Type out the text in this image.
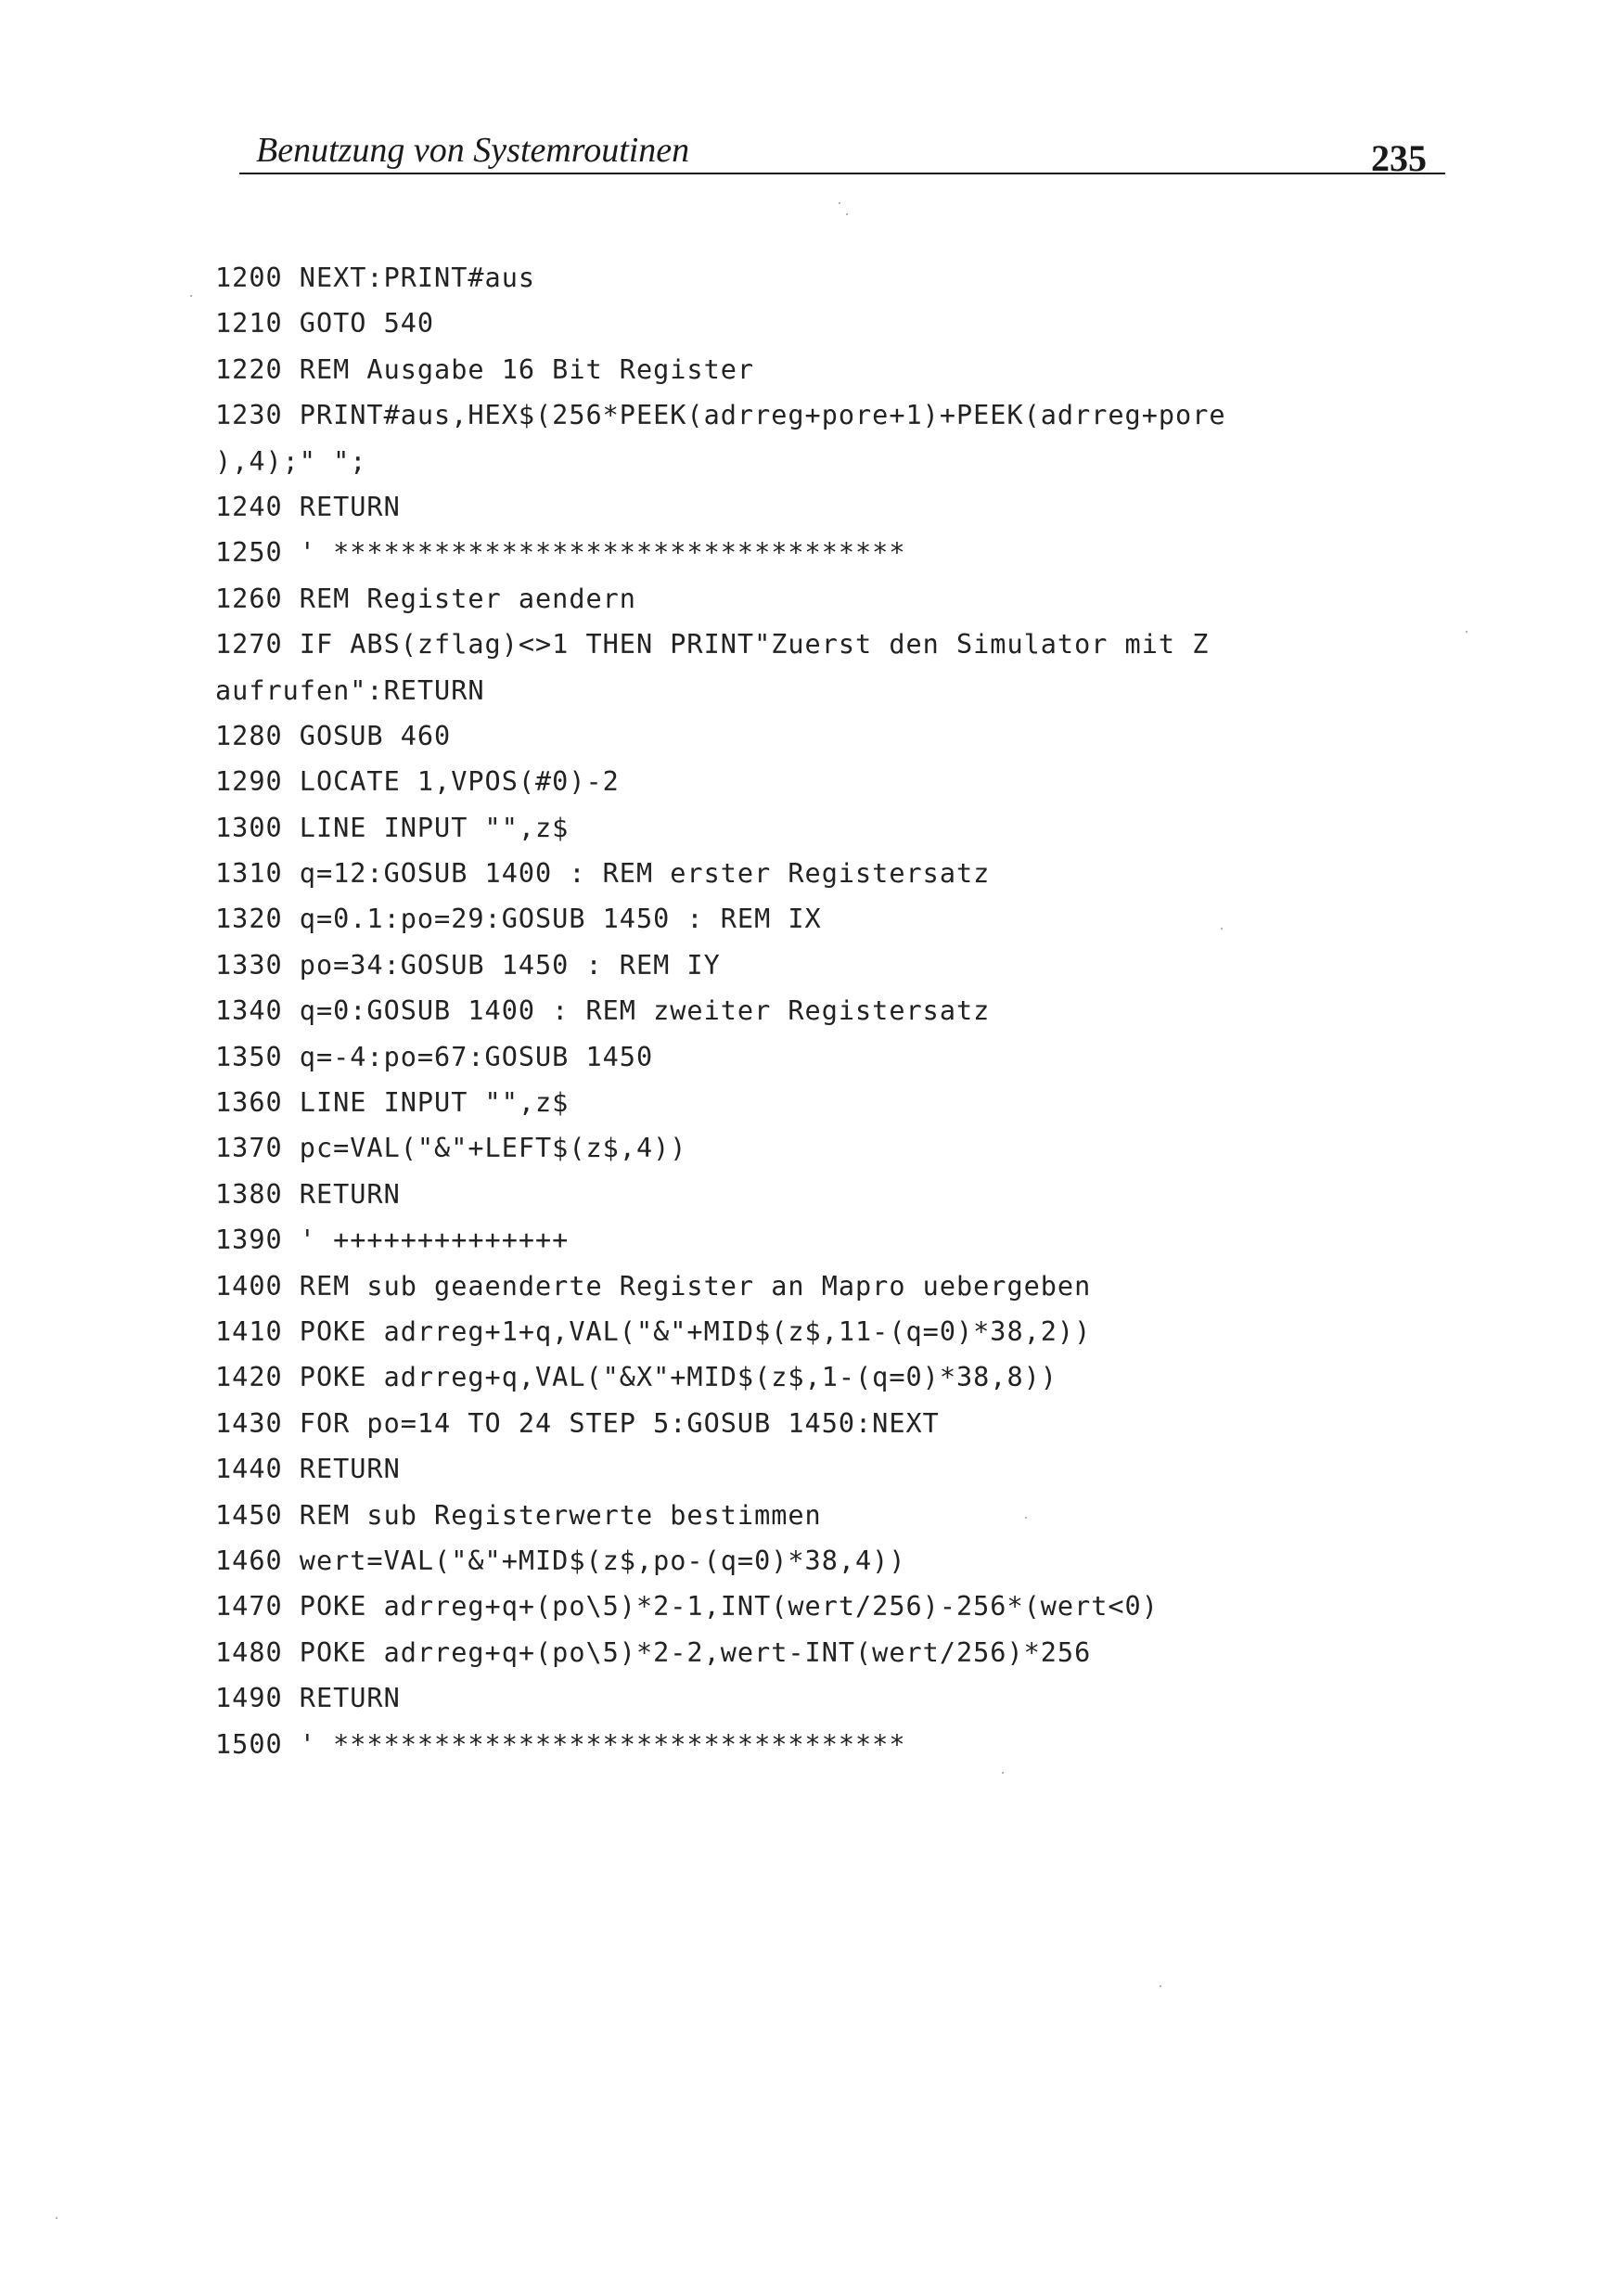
Benutzung von Systemroutinen	235
1200 NEXT:PRINT#aus
1210 GOTO 540
1220 REM Ausgabe 16 Bit Register
1230 PRINT#aus,HEX$(256*PEEK(adrreg+pore+1)+PEEK(adrreg+pore
),4);" ";
1240 RETURN
1250 ' **********************************
1260 REM Register aendern
1270 IF ABS(zflag)<>1 THEN PRINT"Zuerst den Simulator mit Z
aufrufen":RETURN
1280 GOSUB 460
1290 LOCATE 1,VPOS(#0)-2
1300 LINE INPUT "",z$
1310 q=12:GOSUB 1400 : REM erster Registersatz
1320 q=0.1:po=29:GOSUB 1450 : REM IX
1330 po=34:GOSUB 1450 : REM IY
1340 q=0:GOSUB 1400 : REM zweiter Registersatz
1350 q=-4:po=67:GOSUB 1450
1360 LINE INPUT "",z$
1370 pc=VAL("&"+LEFT$(z$,4))
1380 RETURN
1390 ' ++++++++++++++
1400 REM sub geaenderte Register an Mapro uebergeben
1410 POKE adrreg+1+q,VAL("&"+MID$(z$,11-(q=0)*38,2))
1420 POKE adrreg+q,VAL("&X"+MID$(z$,1-(q=0)*38,8))
1430 FOR po=14 TO 24 STEP 5:GOSUB 1450:NEXT
1440 RETURN
1450 REM sub Registerwerte bestimmen
1460 wert=VAL("&"+MID$(z$,po-(q=0)*38,4))
1470 POKE adrreg+q+(po\5)*2-1,INT(wert/256)-256*(wert<0)
1480 POKE adrreg+q+(po\5)*2-2,wert-INT(wert/256)*256
1490 RETURN
1500 ' **********************************
